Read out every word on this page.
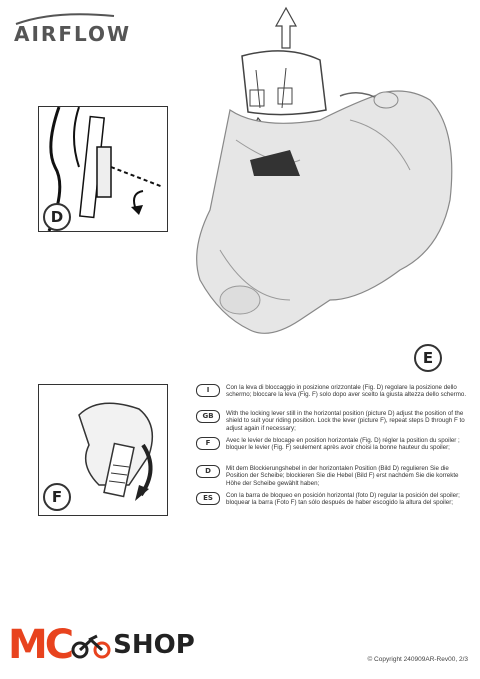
AIRFLOW
D
E
F
I	Con la leva di bloccaggio in posizione orizzontale (Fig. D) regolare la posizione dello schermo; bloccare la leva (Fig. F) solo dopo aver scelto la giusta altezza dello schermo.
GB	With the locking lever still in the horizontal position (picture D) adjust the position of the shield to suit your riding position. Lock the lever (picture F), repeat steps D through F to adjust again if necessary;
F	Avec le levier de blocage en position horizontale (Fig. D) régler la position du spoiler ; bloquer le levier (Fig. F) seulement après avoir choisi la bonne hauteur du spoiler;
D	Mit dem Blockierungshebel in der horizontalen Position (Bild D) regulieren Sie die Position der Scheibe; blockieren Sie die Hebel (Bild F) erst nachdem Sie die korrekte Höhe der Scheibe gewählt haben;
ES	Con la barra de bloqueo en posición horizontal (foto D) regular la posición del spoiler; bloquear la barra (Foto F) tan sólo después de haber escogido la altura del spoiler;
MC SHOP	© Copyright 240909AR-Rev00, 2/3
